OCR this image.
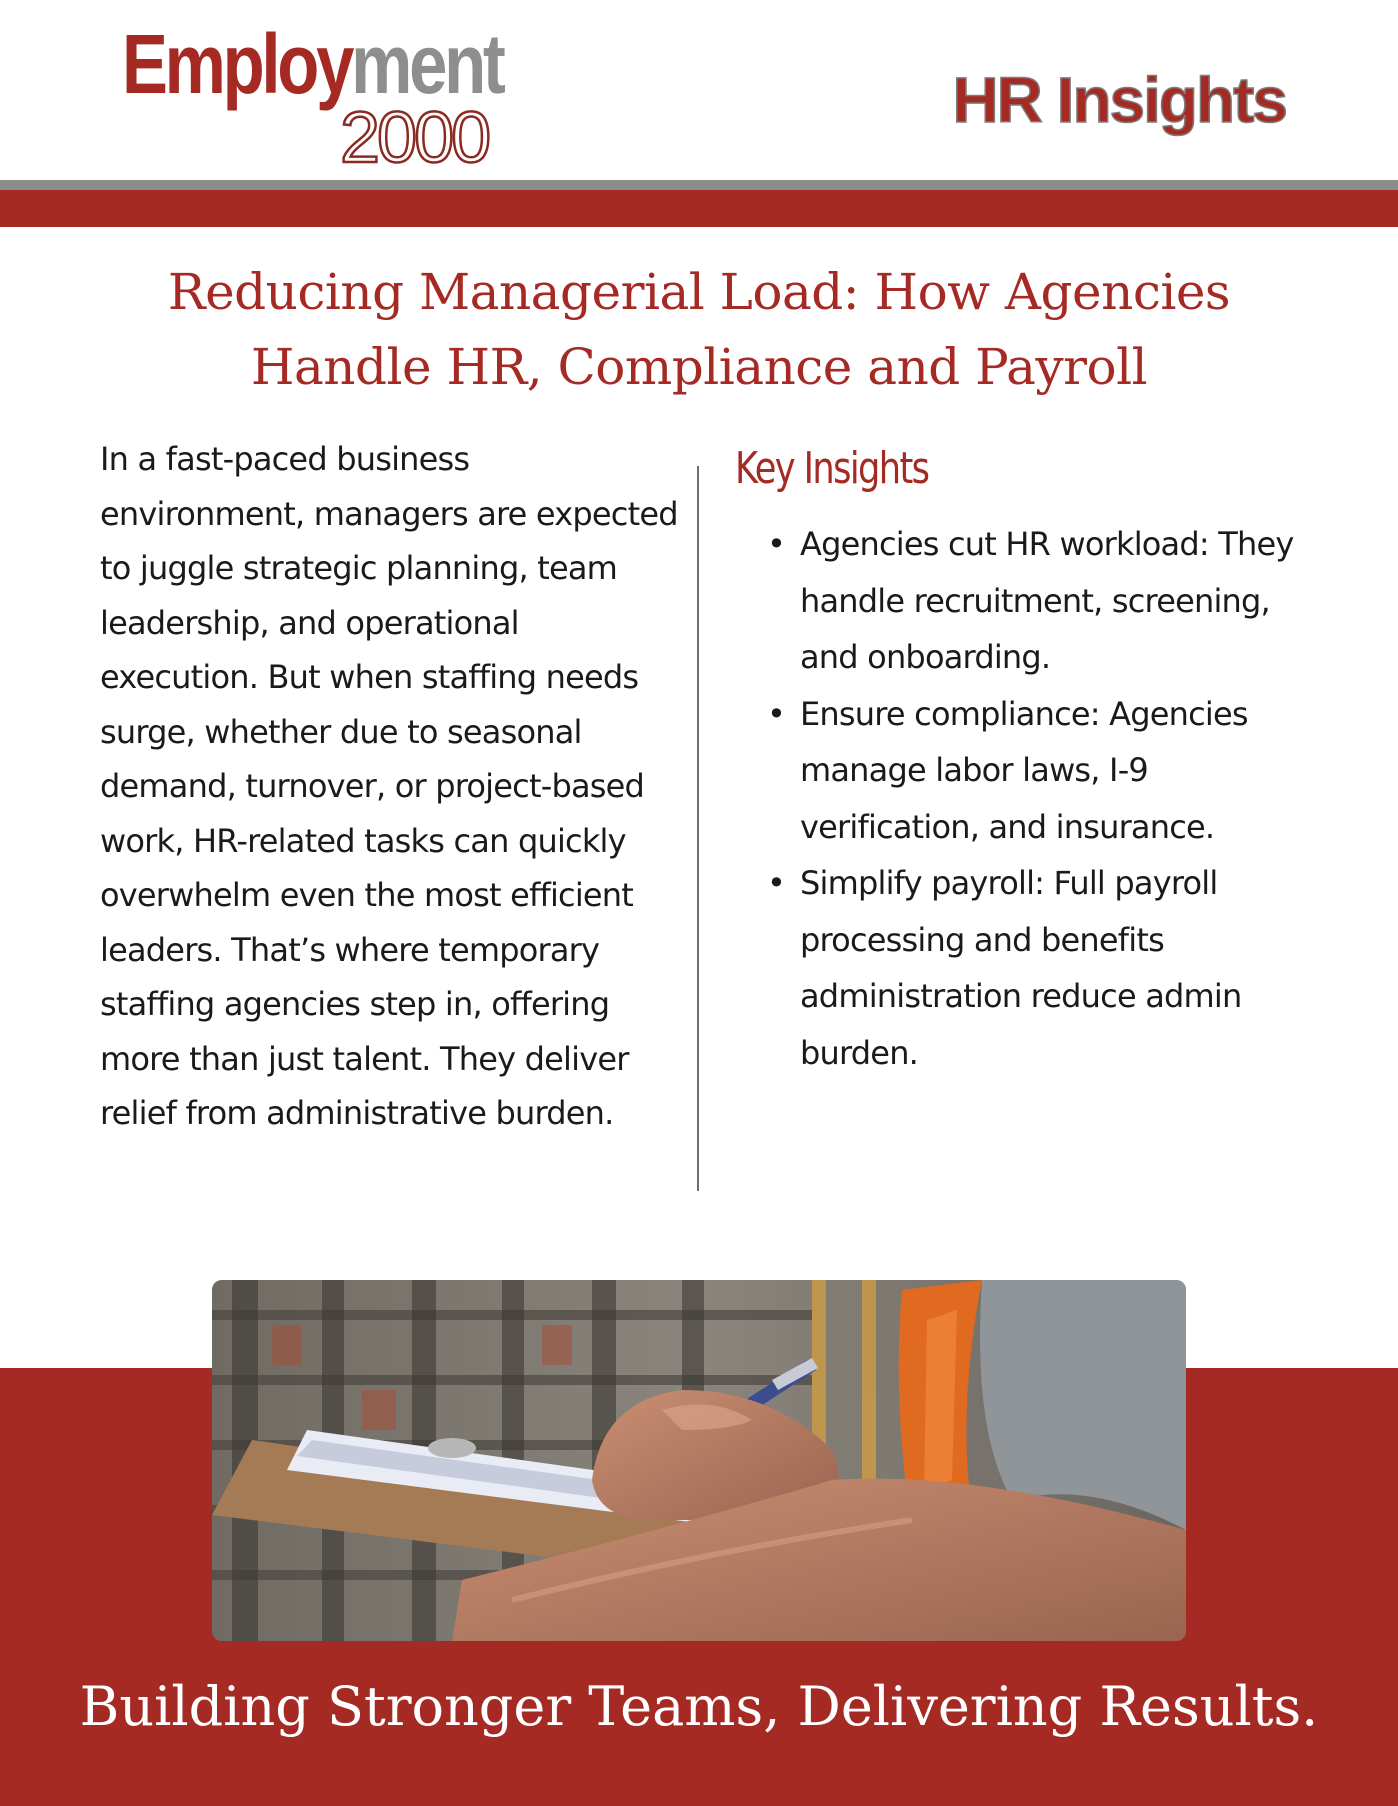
Employment
2000	HR Insights
Reducing Managerial Load: How Agencies
Handle HR, Compliance and Payroll

In a fast-paced business environment, managers are expected to juggle strategic planning, team leadership, and operational execution. But when staffing needs surge, whether due to seasonal demand, turnover, or project-based work, HR-related tasks can quickly overwhelm even the most efficient leaders. That’s where temporary staffing agencies step in, offering more than just talent. They deliver relief from administrative burden.

Key Insights
• Agencies cut HR workload: They handle recruitment, screening, and onboarding.
• Ensure compliance: Agencies manage labor laws, I-9 verification, and insurance.
• Simplify payroll: Full payroll processing and benefits administration reduce admin burden.
Building Stronger Teams, Delivering Results.
